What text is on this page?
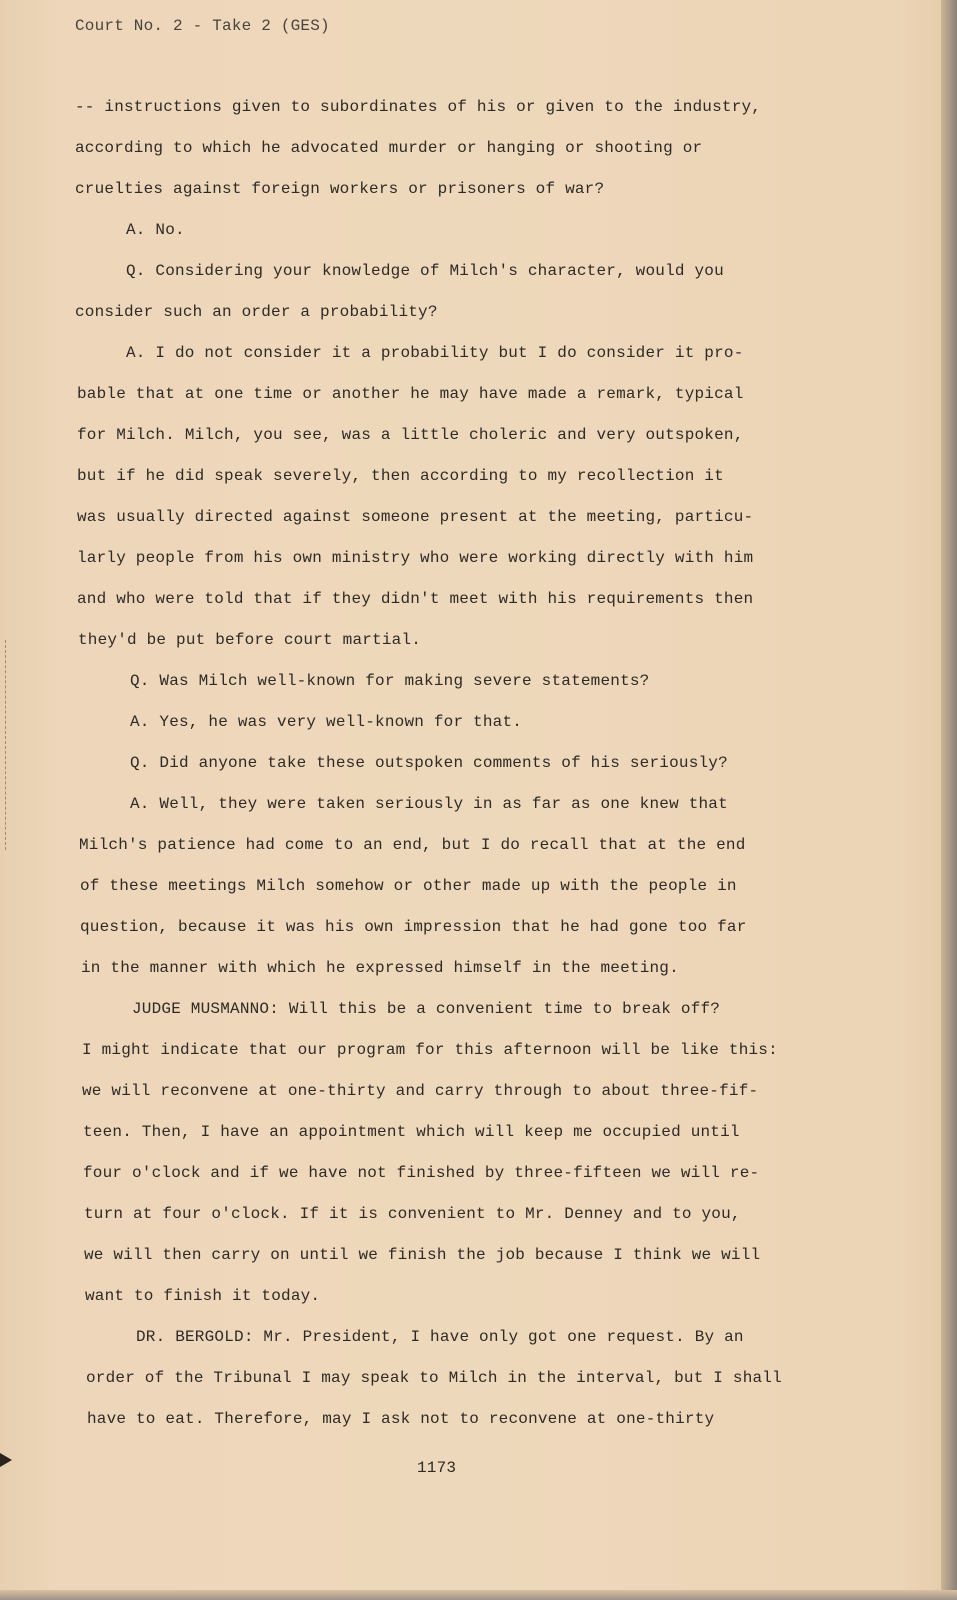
Court No. 2 - Take 2 (GES)

-- instructions given to subordinates of his or given to the industry,

according to which he advocated murder or hanging or shooting or

cruelties against foreign workers or prisoners of war?

A. No.

Q. Considering your knowledge of Milch's character, would you

consider such an order a probability?

A. I do not consider it a probability but I do consider it pro-

bable that at one time or another he may have made a remark, typical

for Milch. Milch, you see, was a little choleric and very outspoken,

but if he did speak severely, then according to my recollection it

was usually directed against someone present at the meeting, particu-

larly people from his own ministry who were working directly with him

and who were told that if they didn't meet with his requirements then

they'd be put before court martial.

Q. Was Milch well-known for making severe statements?

A. Yes, he was very well-known for that.

Q. Did anyone take these outspoken comments of his seriously?

A. Well, they were taken seriously in as far as one knew that

Milch's patience had come to an end, but I do recall that at the end

of these meetings Milch somehow or other made up with the people in

question, because it was his own impression that he had gone too far

in the manner with which he expressed himself in the meeting.

JUDGE MUSMANNO: Will this be a convenient time to break off?

I might indicate that our program for this afternoon will be like this:

we will reconvene at one-thirty and carry through to about three-fif-

teen. Then, I have an appointment which will keep me occupied until

four o'clock and if we have not finished by three-fifteen we will re-

turn at four o'clock. If it is convenient to Mr. Denney and to you,

we will then carry on until we finish the job because I think we will

want to finish it today.

DR. BERGOLD: Mr. President, I have only got one request. By an

order of the Tribunal I may speak to Milch in the interval, but I shall

have to eat. Therefore, may I ask not to reconvene at one-thirty

1173
